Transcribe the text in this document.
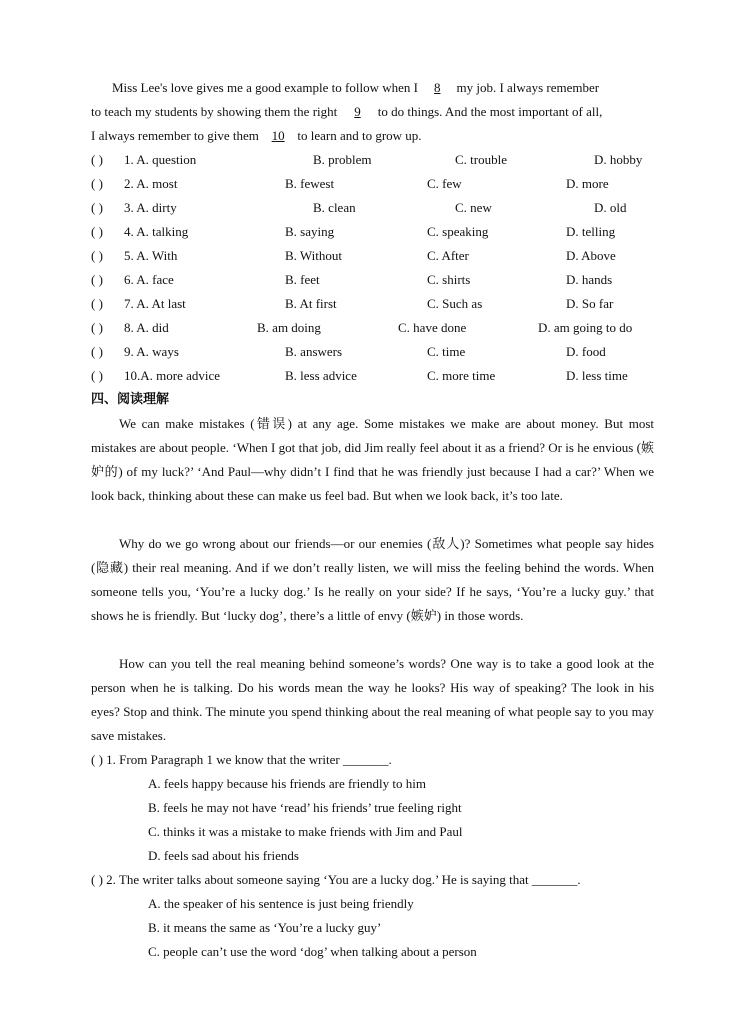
Miss Lee's love gives me a good example to follow when I 8 my job. I always remember
to teach my students by showing them the right 9 to do things. And the most important of all,
I always remember to give them 10 to learn and to grow up.
( ) 1. A. question	B. problem	C. trouble	D. hobby
( ) 2. A. most	B. fewest	C. few	D. more
( ) 3. A. dirty	B. clean	C. new	D. old
( ) 4. A. talking	B. saying	C. speaking	D. telling
( ) 5. A. With	B. Without	C. After	D. Above
( ) 6. A. face	B. feet	C. shirts	D. hands
( ) 7. A. At last	B. At first	C. Such as	D. So far
( ) 8. A. did	B. am doing	C. have done	D. am going to do
( ) 9. A. ways	B. answers	C. time	D. food
( ) 10.A. more advice	B. less advice	C. more time	D. less time
四、阅读理解
We can make mistakes (错误) at any age. Some mistakes we make are about money. But most mistakes are about people. ‘When I got that job, did Jim really feel about it as a friend? Or is he envious (嫉妒的) of my luck?’ ‘And Paul—why didn’t I find that he was friendly just because I had a car?’ When we look back, thinking about these can make us feel bad. But when we look back, it’s too late.
Why do we go wrong about our friends—or our enemies (敌人)? Sometimes what people say hides (隐藏) their real meaning. And if we don’t really listen, we will miss the feeling behind the words. When someone tells you, ‘You’re a lucky dog.’ Is he really on your side? If he says, ‘You’re a lucky guy.’ that shows he is friendly. But ‘lucky dog’, there’s a little of envy (嫉妒) in those words.
How can you tell the real meaning behind someone’s words? One way is to take a good look at the person when he is talking. Do his words mean the way he looks? His way of speaking? The look in his eyes? Stop and think. The minute you spend thinking about the real meaning of what people say to you may save mistakes.
( ) 1. From Paragraph 1 we know that the writer _______.
A. feels happy because his friends are friendly to him
B. feels he may not have ‘read’ his friends’ true feeling right
C. thinks it was a mistake to make friends with Jim and Paul
D. feels sad about his friends
( ) 2. The writer talks about someone saying ‘You are a lucky dog.’ He is saying that _______.
A. the speaker of his sentence is just being friendly
B. it means the same as ‘You’re a lucky guy’
C. people can’t use the word ‘dog’ when talking about a person
